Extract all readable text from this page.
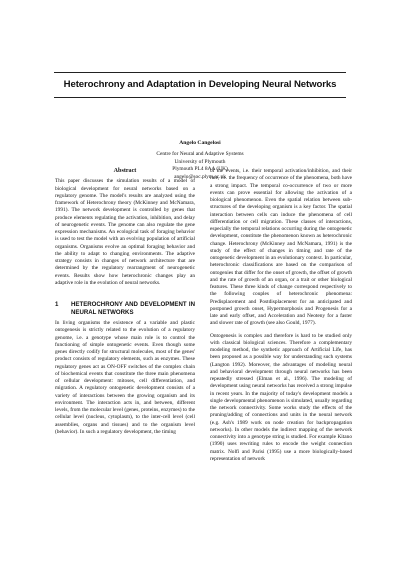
Heterochrony and Adaptation in Developing Neural Networks
Angelo Cangelosi
Centre for Neural and Adaptive Systems
University of Plymouth
Plymouth PL4 8AA (UK)
angelo@soc.plym.ac.uk
Abstract

This paper discusses the simulation results of a model of biological development for neural networks based on a regulatory genome. The model's results are analyzed using the framework of Heterochrony theory (McKinney and McNamara, 1991). The network development is controlled by genes that produce elements regulating the activation, inhibition, and delay of neurogenetic events. The genome can also regulate the gene expression mechanisms. An ecological task of foraging behavior is used to test the model with an evolving population of artificial organisms. Organisms evolve an optimal foraging behavior and the ability to adapt to changing environments. The adaptive strategy consists in changes of network architecture that are determined by the regulatory rearrangment of neurogenetic events. Results show how heterochronic changes play an adaptive role in the evolution of neural networks.

1	HETEROCHRONY AND DEVELOPMENT IN NEURAL NETWORKS

In living organisms the existence of a variable and plastic ontogenesis is strictly related to the evolution of a regulatory genome, i.e. a genotype whose main role is to control the functioning of simple ontogenetic events. Even though some genes directly codify for structural molecules, most of the genes' product consists of regulatory elements, such as enzymes. These regulatory genes act as ON-OFF switches of the complex chain of biochemical events that constitute the three main phenomena of cellular development: mitoses, cell differentiation, and migration. A regulatory ontogenetic development consists of a variety of interactions between the growing organism and its environment. The interaction acts in, and between, different levels, from the molecular level (genes, proteins, enzymes) to the cellular level (nucleus, cytoplasm), to the inter-cell level (cell assemblies, organs and tissues) and to the organism level (behavior). In such a regulatory development, the timing

of the events, i.e. their temporal activation/inhibition, and their rate, i.e. the frequency of occurrence of the phenomena, both have a strong impact. The temporal co-occurrence of two or more events can prove essential for allowing the activation of a biological phenomenon. Even the spatial relation between sub-structures of the developing organism is a key factor. The spatial interaction between cells can induce the phenomena of cell differentiation or cell migration. These classes of interactions, especially the temporal relations occurring during the ontogenetic development, constitute the phenomenon known as heterochronic change. Heterochrony (McKinney and McNamara, 1991) is the study of the effect of changes in timing and rate of the ontogenetic development in an evolutionary context. In particular, heterochronic classifications are based on the comparison of ontogenies that differ for the onset of growth, the offset of growth and the rate of growth of an organ, or a trait or other biological features. These three kinds of change correspond respectively to the following couples of heterochronic phenomena: Predisplacement and Postdisplacement for an anticipated and postponed growth onset, Hypermorphosis and Progenesis for a late and early offset, and Acceleration and Neoteny for a faster and slower rate of growth (see also Gould, 1977).

Ontogenesis is complex and therefore is hard to be studied only with classical biological sciences. Therefore a complementary modeling method, the synthetic approach of Artificial Life, has been proposed as a possible way for understanding such systems (Langton 1992). Moreover, the advantages of modeling neural and behavioral development through neural networks has been repeatedly stressed (Elman et al., 1996). The modeling of development using neural networks has received a strong impulse in recent years. In the majority of today's development models a single developmental phenomenon is simulated, usually regarding the network connectivity. Some works study the effects of the pruning/adding of connections and units in the neural network (e.g. Ash's 1989 work on node creation for backpropagation networks). In other models the indirect mapping of the network connectivity into a genotype string is studied. For example Kitano (1990) uses rewriting rules to encode the weight connection matrix. Nolfi and Parisi (1995) use a more biologically-based representation of network
